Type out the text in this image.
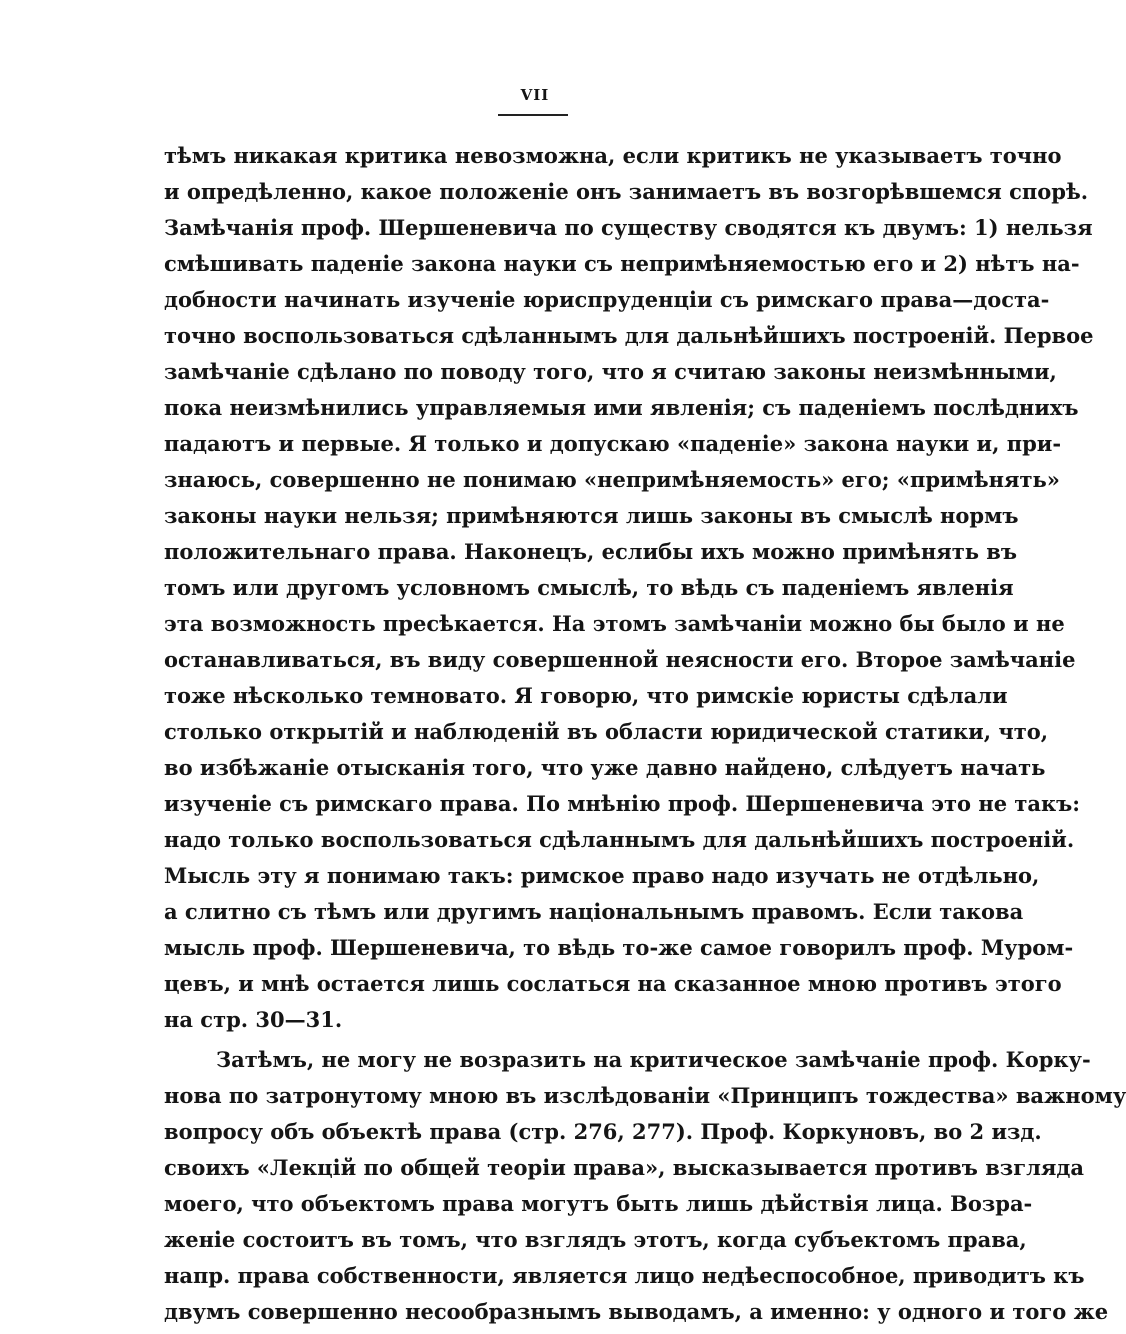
VII
тѣмъ никакая критика невозможна, если критикъ не указываетъ точно
и опредѣленно, какое положеніе онъ занимаетъ въ возгорѣвшемся спорѣ.
Замѣчанія проф. Шершеневича по существу сводятся къ двумъ: 1) нельзя
смѣшивать паденіе закона науки съ непримѣняемостью его и 2) нѣтъ на-
добности начинать изученіе юриспруденціи съ римскаго права—доста-
точно воспользоваться сдѣланнымъ для дальнѣйшихъ построеній. Первое
замѣчаніе сдѣлано по поводу того, что я считаю законы неизмѣнными,
пока неизмѣнились управляемыя ими явленія; съ паденіемъ послѣднихъ
падаютъ и первые. Я только и допускаю «паденіе» закона науки и, при-
знаюсь, совершенно не понимаю «непримѣняемость» его; «примѣнять»
законы науки нельзя; примѣняются лишь законы въ смыслѣ нормъ
положительнаго права. Наконецъ, еслибы ихъ можно примѣнять въ
томъ или другомъ условномъ смыслѣ, то вѣдь съ паденіемъ явленія
эта возможность пресѣкается. На этомъ замѣчаніи можно бы было и не
останавливаться, въ виду совершенной неясности его. Второе замѣчаніе
тоже нѣсколько темновато. Я говорю, что римскіе юристы сдѣлали
столько открытій и наблюденій въ области юридической статики, что,
во избѣжаніе отысканія того, что уже давно найдено, слѣдуетъ начать
изученіе съ римскаго права. По мнѣнію проф. Шершеневича это не такъ:
надо только воспользоваться сдѣланнымъ для дальнѣйшихъ построеній.
Мысль эту я понимаю такъ: римское право надо изучать не отдѣльно,
а слитно съ тѣмъ или другимъ національнымъ правомъ. Если такова
мысль проф. Шершеневича, то вѣдь то-же самое говорилъ проф. Муром-
цевъ, и мнѣ остается лишь сослаться на сказанное мною противъ этого
на стр. 30—31.
Затѣмъ, не могу не возразить на критическое замѣчаніе проф. Корку-
нова по затронутому мною въ изслѣдованіи «Принципъ тождества» важному
вопросу объ объектѣ права (стр. 276, 277). Проф. Коркуновъ, во 2 изд.
своихъ «Лекцій по общей теоріи права», высказывается противъ взгляда
моего, что объектомъ права могутъ быть лишь дѣйствія лица. Возра-
женіе состоитъ въ томъ, что взглядъ этотъ, когда субъектомъ права,
напр. права собственности, является лицо недѣеспособное, приводитъ къ
двумъ совершенно несообразнымъ выводамъ, а именно: у одного и того же
